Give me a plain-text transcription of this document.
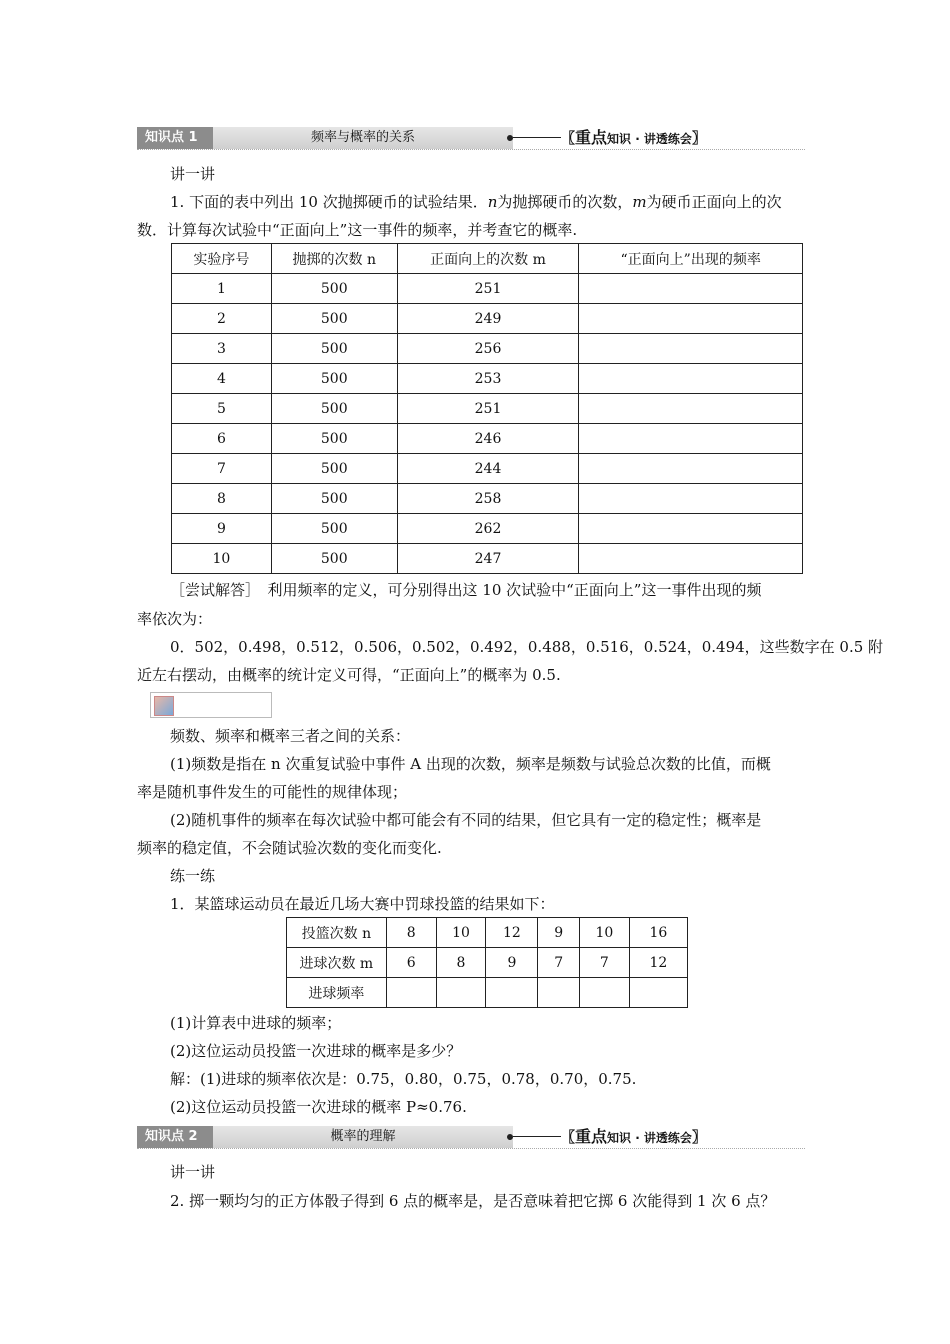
知识点 1	频率与概率的关系	〖重点知识 · 讲透练会〗
讲一讲
1. 下面的表中列出 10 次抛掷硬币的试验结果．n为抛掷硬币的次数，m为硬币正面向上的次
数．计算每次试验中“正面向上”这一事件的频率，并考查它的概率.
实验序号	抛掷的次数 n	正面向上的次数 m	“正面向上”出现的频率
1	500	251	
2	500	249	
3	500	256	
4	500	253	
5	500	251	
6	500	246	
7	500	244	
8	500	258	
9	500	262	
10	500	247	
［尝试解答］　利用频率的定义，可分别得出这 10 次试验中“正面向上”这一事件出现的频
率依次为：
0．502，0.498，0.512，0.506，0.502，0.492，0.488，0.516，0.524，0.494，这些数字在 0.5 附
近左右摆动，由概率的统计定义可得，“正面向上”的概率为 0.5.
频数、频率和概率三者之间的关系：
(1)频数是指在 n 次重复试验中事件 A 出现的次数，频率是频数与试验总次数的比值，而概
率是随机事件发生的可能性的规律体现；
(2)随机事件的频率在每次试验中都可能会有不同的结果，但它具有一定的稳定性；概率是
频率的稳定值，不会随试验次数的变化而变化.
练一练
1．某篮球运动员在最近几场大赛中罚球投篮的结果如下：
投篮次数 n	8	10	12	9	10	16
进球次数 m	6	8	9	7	7	12
进球频率						
(1)计算表中进球的频率；
(2)这位运动员投篮一次进球的概率是多少？
解：(1)进球的频率依次是：0.75，0.80，0.75，0.78，0.70，0.75.
(2)这位运动员投篮一次进球的概率 P≈0.76.
知识点 2	概率的理解	〖重点知识 · 讲透练会〗
讲一讲
2. 掷一颗均匀的正方体骰子得到 6 点的概率是，是否意味着把它掷 6 次能得到 1 次 6 点？
